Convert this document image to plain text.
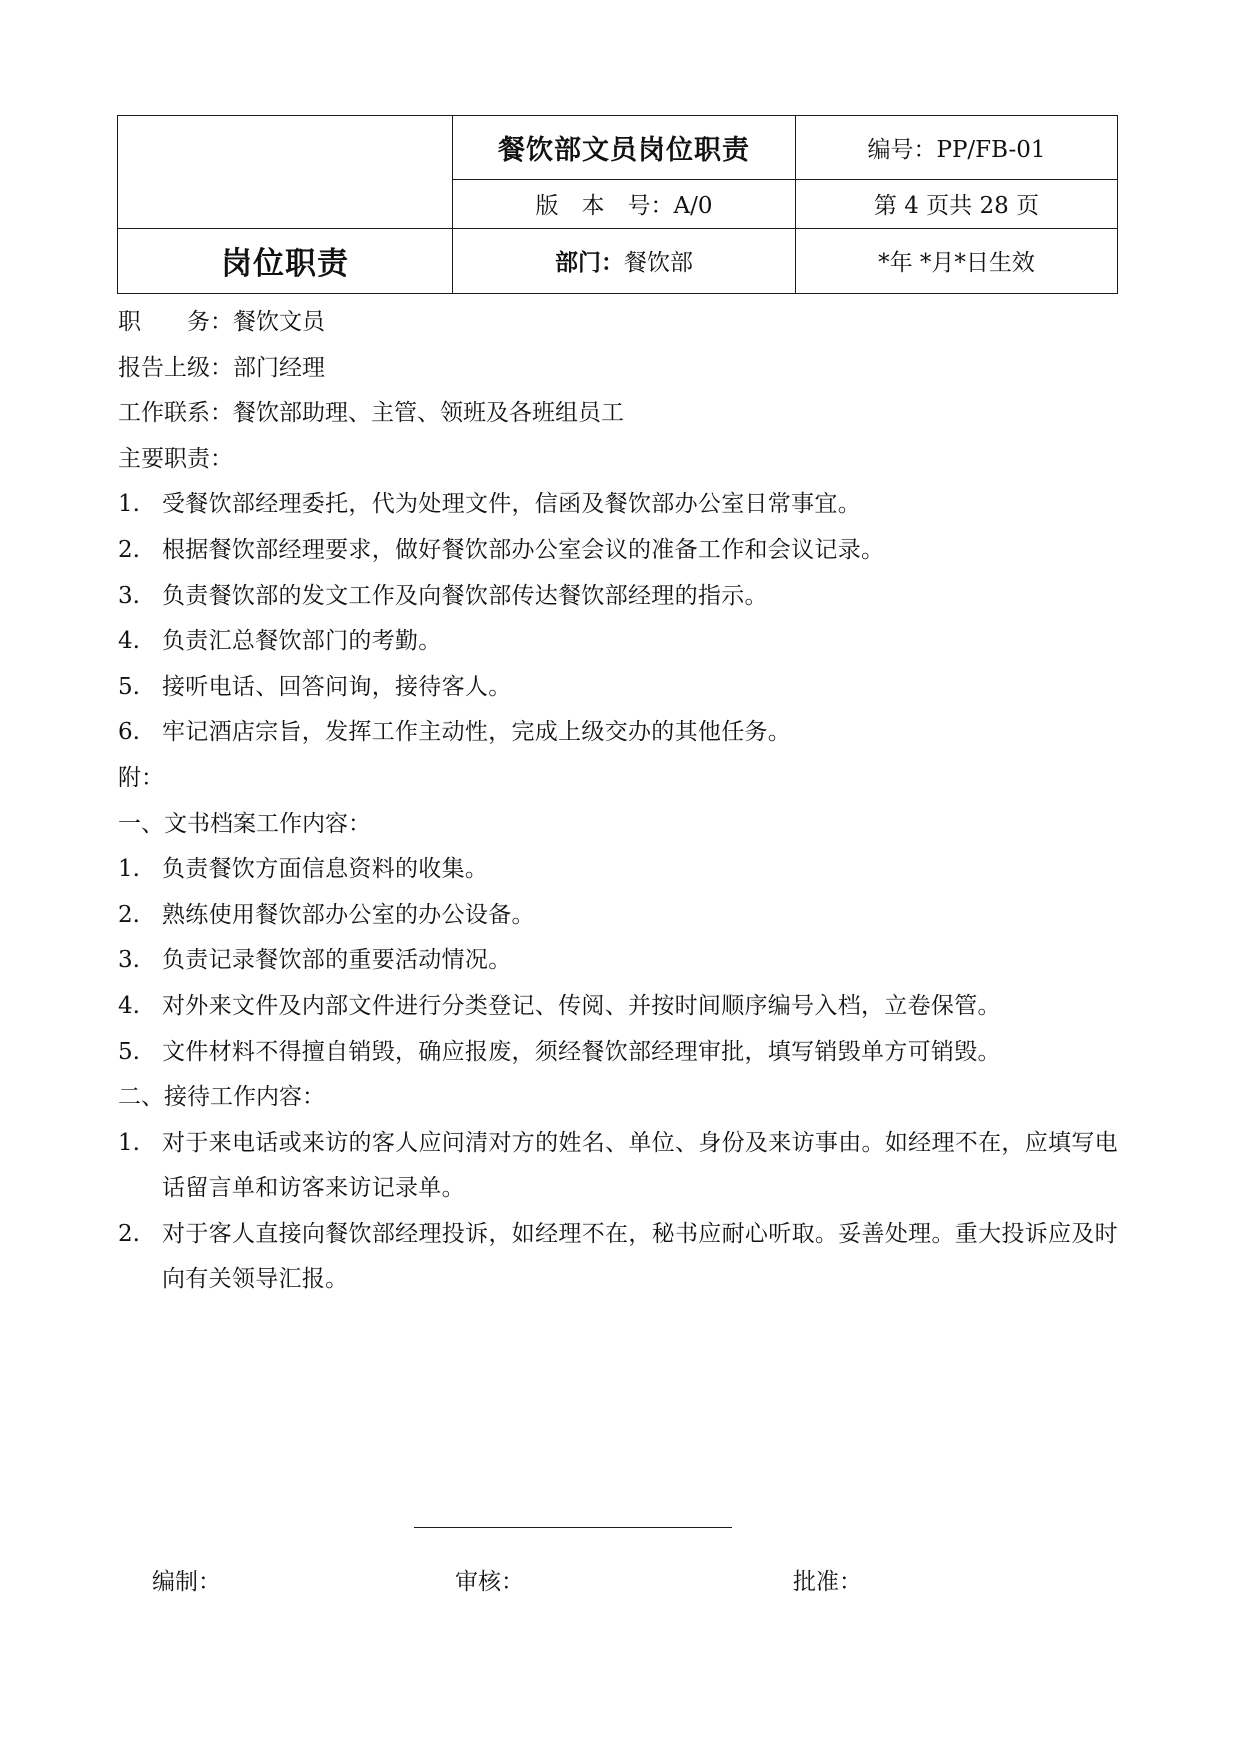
	餐饮部文员岗位职责	编号：PP/FB-01
	版　本　号：A/0	第 4 页共 28 页
岗位职责	部门：餐饮部	*年 *月*日生效
职　　务：餐饮文员
报告上级：部门经理
工作联系：餐饮部助理、主管、领班及各班组员工
主要职责：
1. 受餐饮部经理委托，代为处理文件，信函及餐饮部办公室日常事宜。
2. 根据餐饮部经理要求，做好餐饮部办公室会议的准备工作和会议记录。
3. 负责餐饮部的发文工作及向餐饮部传达餐饮部经理的指示。
4. 负责汇总餐饮部门的考勤。
5. 接听电话、回答问询，接待客人。
6. 牢记酒店宗旨，发挥工作主动性，完成上级交办的其他任务。
附：
一、文书档案工作内容：
1. 负责餐饮方面信息资料的收集。
2. 熟练使用餐饮部办公室的办公设备。
3. 负责记录餐饮部的重要活动情况。
4. 对外来文件及内部文件进行分类登记、传阅、并按时间顺序编号入档，立卷保管。
5. 文件材料不得擅自销毁，确应报废，须经餐饮部经理审批，填写销毁单方可销毁。
二、接待工作内容：
1. 对于来电话或来访的客人应问清对方的姓名、单位、身份及来访事由。如经理不在，应填写电话留言单和访客来访记录单。
2. 对于客人直接向餐饮部经理投诉，如经理不在，秘书应耐心听取。妥善处理。重大投诉应及时向有关领导汇报。
编制：	审核：	批准：
